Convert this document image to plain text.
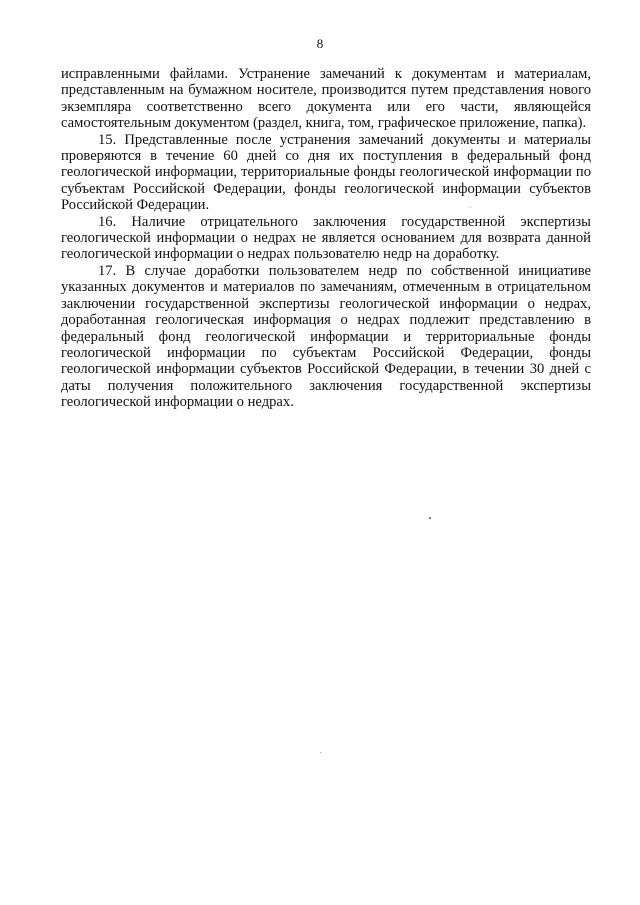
8

исправленными файлами. Устранение замечаний к документам и материалам, представленным на бумажном носителе, производится путем представления нового экземпляра соответственно всего документа или его части, являющейся самостоятельным документом (раздел, книга, том, графическое приложение, папка).

15. Представленные после устранения замечаний документы и материалы проверяются в течение 60 дней со дня их поступления в федеральный фонд геологической информации, территориальные фонды геологической информации по субъектам Российской Федерации, фонды геологической информации субъектов Российской Федерации.

16. Наличие отрицательного заключения государственной экспертизы геологической информации о недрах не является основанием для возврата данной геологической информации о недрах пользователю недр на доработку.

17. В случае доработки пользователем недр по собственной инициативе указанных документов и материалов по замечаниям, отмеченным в отрицательном заключении государственной экспертизы геологической информации о недрах, доработанная геологическая информация о недрах подлежит представлению в федеральный фонд геологической информации и территориальные фонды геологической информации по субъектам Российской Федерации, фонды геологической информации субъектов Российской Федерации, в течении 30 дней с даты получения положительного заключения государственной экспертизы геологической информации о недрах.
